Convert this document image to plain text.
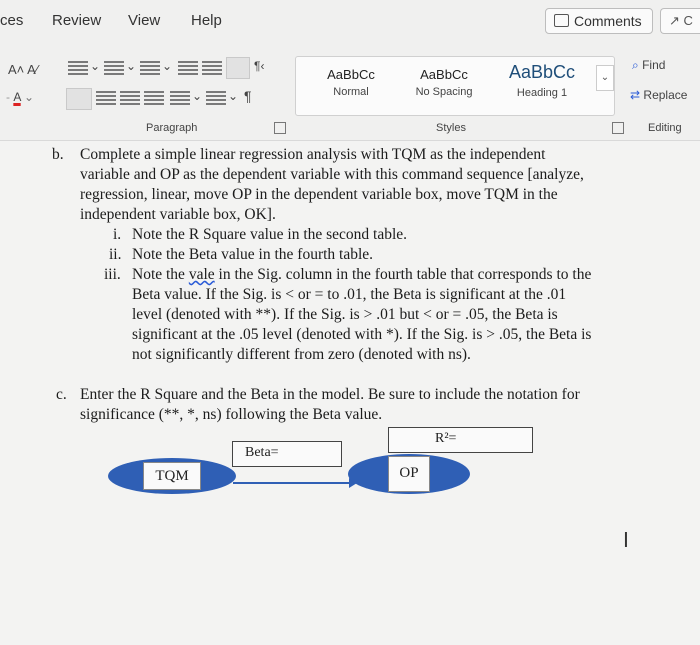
ces Review View Help	Comments	↗ C
A˄ A⁄
- A ⌄
⌄ ⌄ ⌄	¶‹
⌄ ⌄ ¶
AaBbCc
Normal
AaBbCc
No Spacing
AaBbCc
Heading 1
⌄
⌕ Find
⇄ Replace
Paragraph	Styles	Editing
b. Complete a simple linear regression analysis with TQM as the independent
variable and OP as the dependent variable with this command sequence [analyze,
regression, linear, move OP in the dependent variable box, move TQM in the
independent variable box, OK].
i. Note the R Square value in the second table.
ii. Note the Beta value in the fourth table.
iii. Note the vale in the Sig. column in the fourth table that corresponds to the
Beta value. If the Sig. is < or = to .01, the Beta is significant at the .01
level (denoted with **). If the Sig. is > .01 but < or = .05, the Beta is
significant at the .05 level (denoted with *). If the Sig. is > .05, the Beta is
not significantly different from zero (denoted with ns).
c. Enter the R Square and the Beta in the model. Be sure to include the notation for
significance (**, *, ns) following the Beta value.
R²=
Beta=
TQM	OP
I
